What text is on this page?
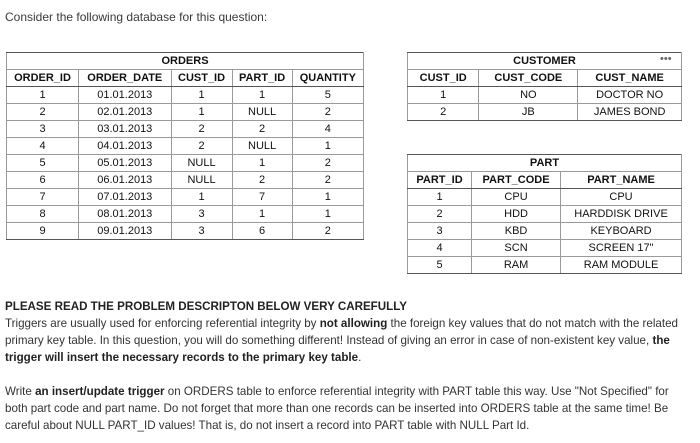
Consider the following database for this question:
ORDERS				
ORDER_ID	ORDER_DATE	CUST_ID	PART_ID	QUANTITY
1	01.01.2013	1	1	5
2	02.01.2013	1	NULL	2
3	03.01.2013	2	2	4
4	04.01.2013	2	NULL	1
5	05.01.2013	NULL	1	2
6	06.01.2013	NULL	2	2
7	07.01.2013	1	7	1
8	08.01.2013	3	1	1
9	09.01.2013	3	6	2
CUSTOMER		
CUST_ID	CUST_CODE	CUST_NAME
1	NO	DOCTOR NO
2	JB	JAMES BOND
•••
PART		
PART_ID	PART_CODE	PART_NAME
1	CPU	CPU
2	HDD	HARDDISK DRIVE
3	KBD	KEYBOARD
4	SCN	SCREEN 17"
5	RAM	RAM MODULE

PLEASE READ THE PROBLEM DESCRIPTON BELOW VERY CAREFULLY

Triggers are usually used for enforcing referential integrity by not allowing the foreign key values that do not match with the related primary key table. In this question, you will do something different! Instead of giving an error in case of non-existent key value, the trigger will insert the necessary records to the primary key table.

Write an insert/update trigger on ORDERS table to enforce referential integrity with PART table this way. Use "Not Specified" for both part code and part name. Do not forget that more than one records can be inserted into ORDERS table at the same time! Be careful about NULL PART_ID values! That is, do not insert a record into PART table with NULL Part Id.
